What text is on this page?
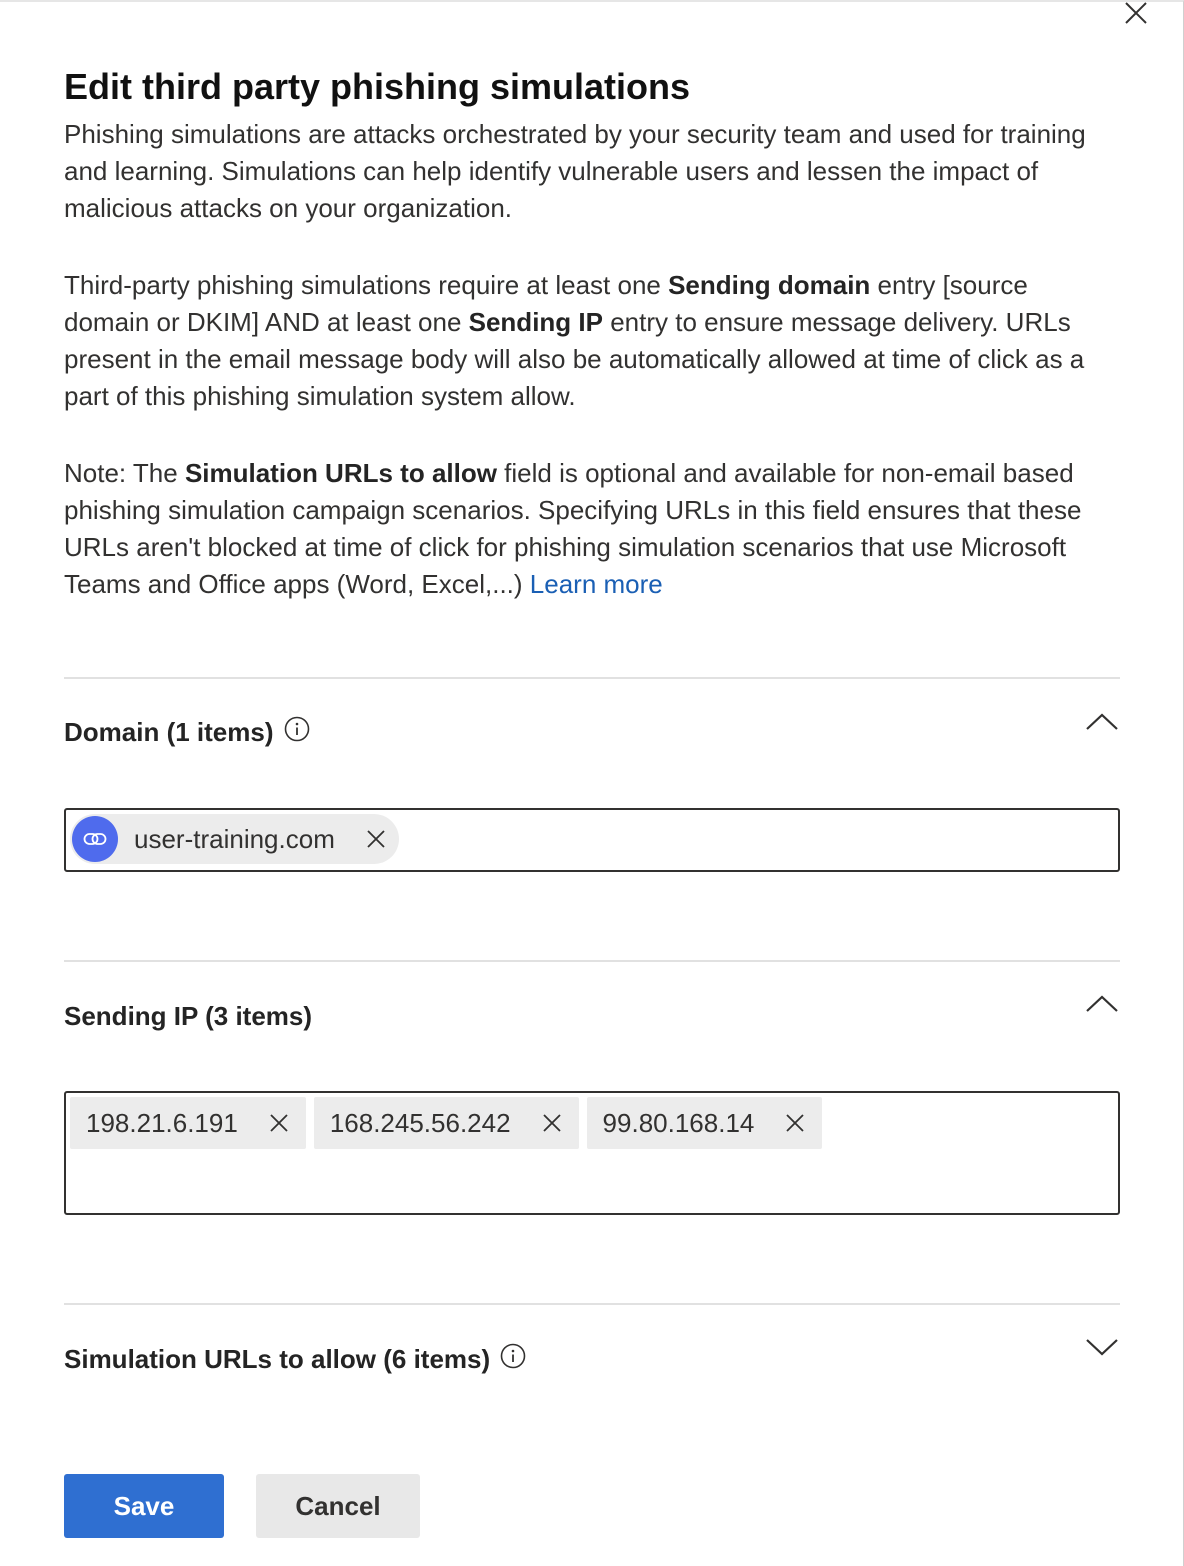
Edit third party phishing simulations

Phishing simulations are attacks orchestrated by your security team and used for training and learning. Simulations can help identify vulnerable users and lessen the impact of malicious attacks on your organization.

Third-party phishing simulations require at least one Sending domain entry [source domain or DKIM] AND at least one Sending IP entry to ensure message delivery. URLs present in the email message body will also be automatically allowed at time of click as a part of this phishing simulation system allow.

Note: The Simulation URLs to allow field is optional and available for non-email based phishing simulation campaign scenarios. Specifying URLs in this field ensures that these URLs aren't blocked at time of click for phishing simulation scenarios that use Microsoft Teams and Office apps (Word, Excel,...) Learn more

Domain (1 items)
user-training.com
Sending IP (3 items)
198.21.6.191	168.245.56.242	99.80.168.14
Simulation URLs to allow (6 items)
Save	Cancel
